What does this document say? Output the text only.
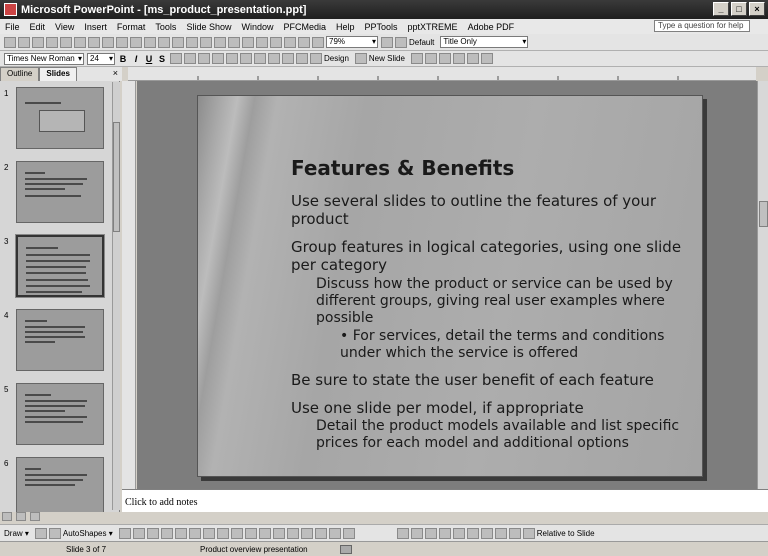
Microsoft PowerPoint - [ms_product_presentation.ppt]	_	□	×
File	Edit	View	Insert	Format	Tools	Slide Show	Window	PFCMedia	Help	PPTools	pptXTREME	Adobe PDF	Type a question for help
79% ▾	Default	Title Only ▾
Times New Roman ▾	24 ▾	B I U S	Design	New Slide
Outline	Slides	×
1
2
3
4
5
6
Features & Benefits
Use several slides to outline the features of your product
Group features in logical categories, using one slide per category
Discuss how the product or service can be used by different groups, giving real user examples where possible
• For services, detail the terms and conditions under which the service is offered
Be sure to state the user benefit of each feature
Use one slide per model, if appropriate
Detail the product models available and list specific prices for each model and additional options
Click to add notes
Draw ▾	AutoShapes ▾	Relative to Slide
Slide 3 of 7	Product overview presentation
